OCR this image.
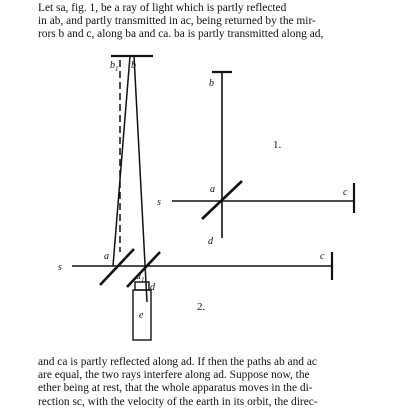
Let sa, fig. 1, be a ray of light which is partly reflected
in ab, and partly transmitted in ac, being returned by the mir-
rors b and c, along ba and ca. ba is partly transmitted along ad,

b
a	c
s
d
1.
$b_1$ b
a	c
s
$a_1$
d
e
2.

and ca is partly reflected along ad. If then the paths ab and ac
are equal, the two rays interfere along ad. Suppose now, the
ether being at rest, that the whole apparatus moves in the di-
rection sc, with the velocity of the earth in its orbit, the direc-
